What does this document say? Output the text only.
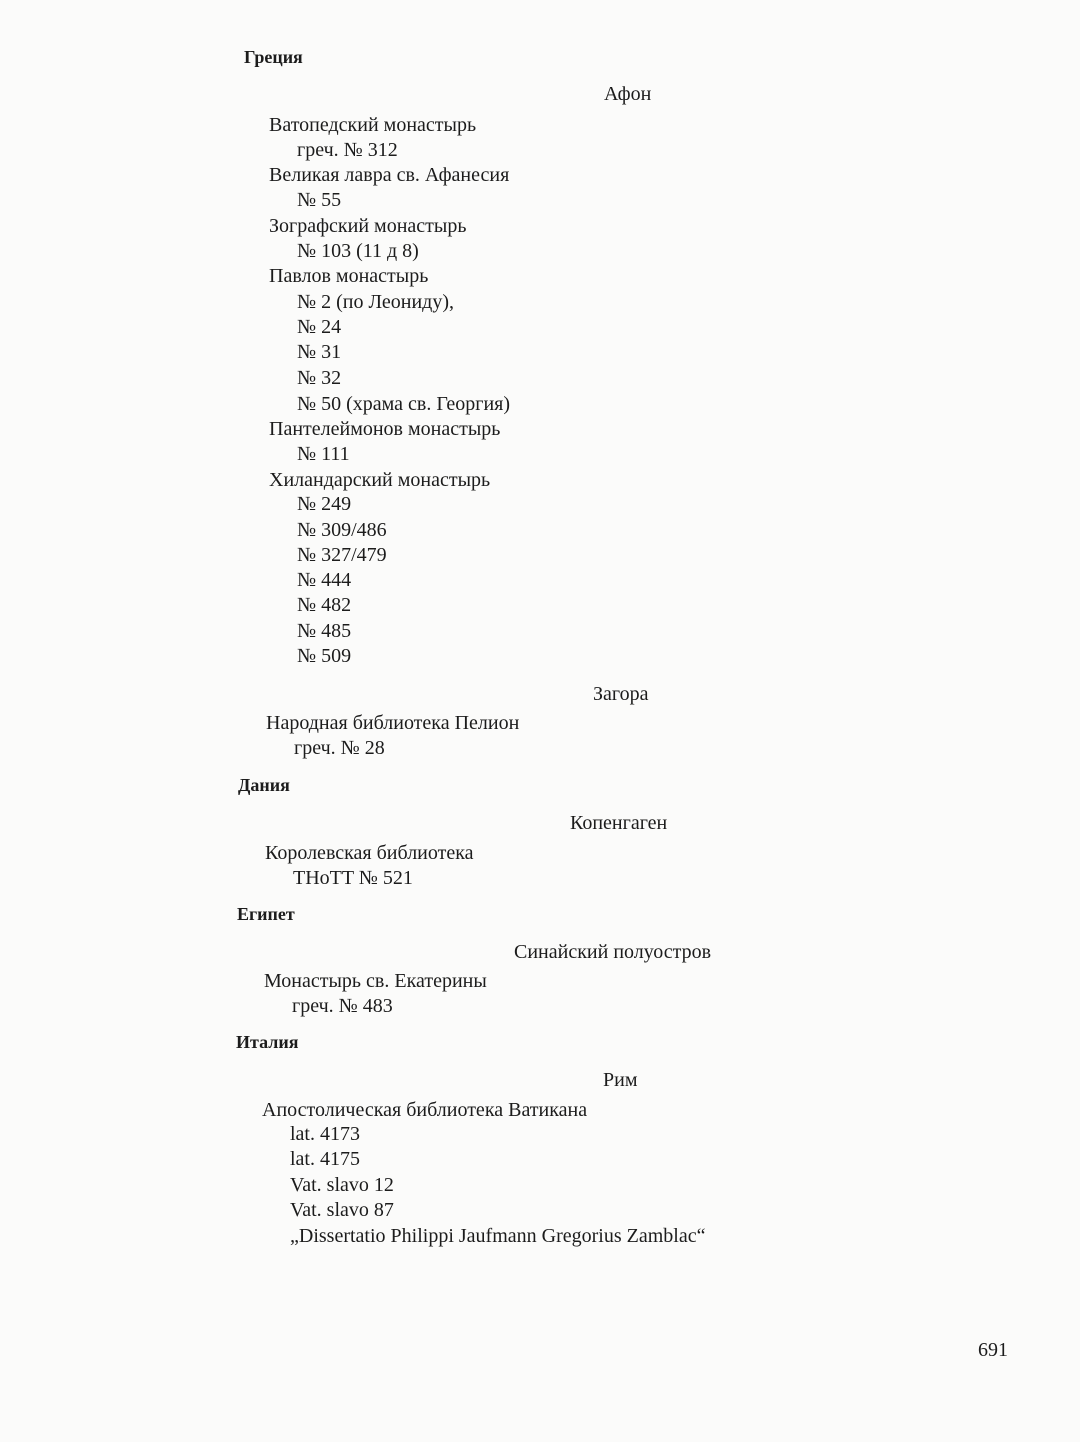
Греция
Афон
Ватопедский монастырь
греч. № 312
Великая лавра св. Афанесия
№ 55
Зографский монастырь
№ 103 (11 д 8)
Павлов монастырь
№ 2 (по Леониду),
№ 24
№ 31
№ 32
№ 50 (храма св. Георгия)
Пантелеймонов монастырь
№ 111
Хиландарский монастырь
№ 249
№ 309/486
№ 327/479
№ 444
№ 482
№ 485
№ 509
Загора
Народная библиотека Пелион
греч. № 28
Дания
Копенгаген
Королевская библиотека
THoTT № 521
Египет
Синайский полуостров
Монастырь св. Екатерины
греч. № 483
Италия
Рим
Апостолическая библиотека Ватикана
lat. 4173
lat. 4175
Vat. slavo 12
Vat. slavo 87
„Dissertatio Philippi Jaufmann Gregorius Zamblac“
691
